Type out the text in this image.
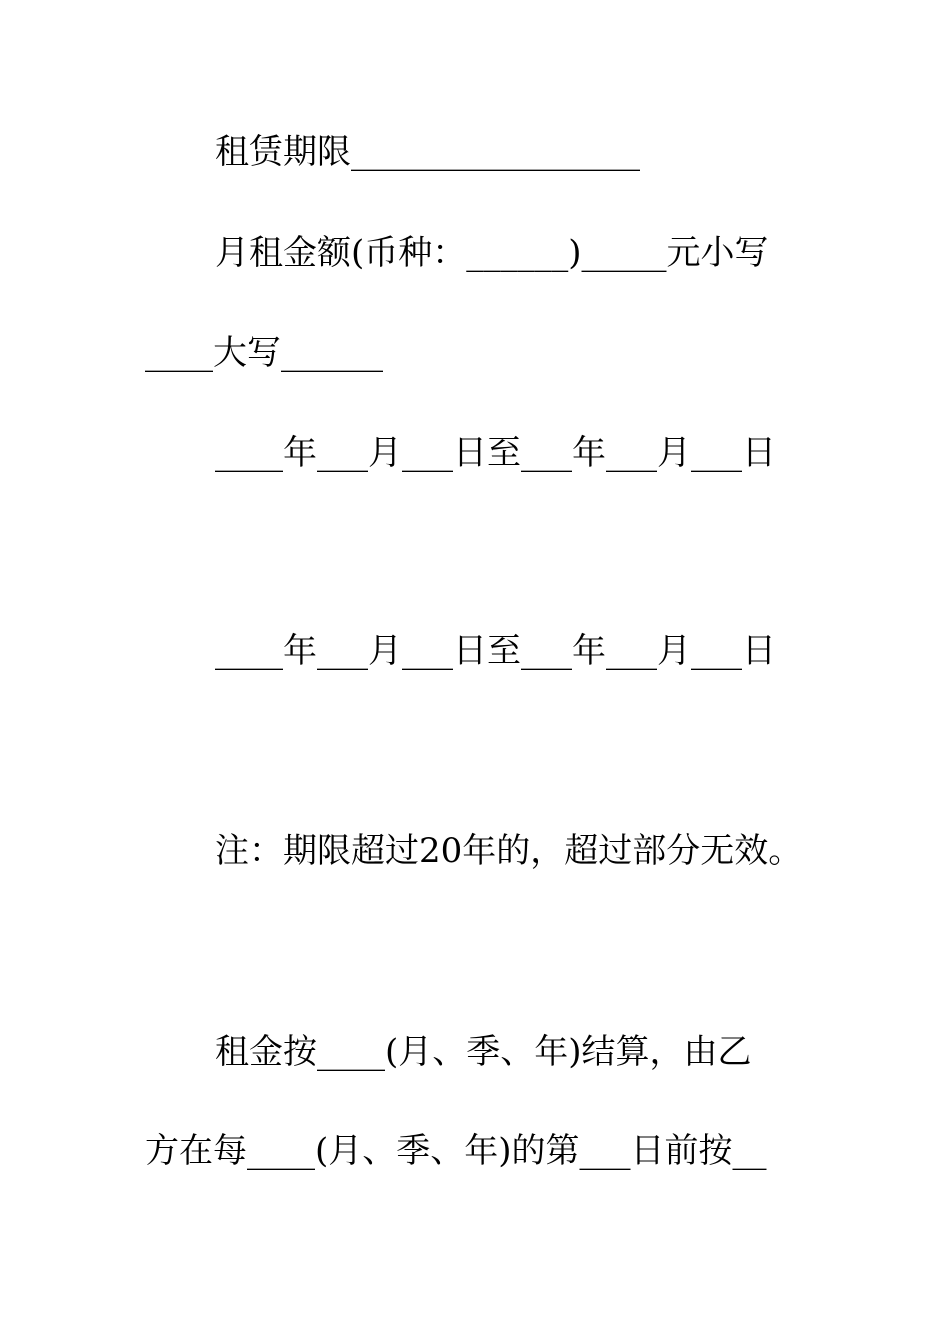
租赁期限_________________
月租金额(币种：______)_____元小写
____大写______
____年___月___日至___年___月___日
____年___月___日至___年___月___日
注：期限超过20年的，超过部分无效。
租金按____(月、季、年)结算，由乙
方在每____(月、季、年)的第___日前按__
